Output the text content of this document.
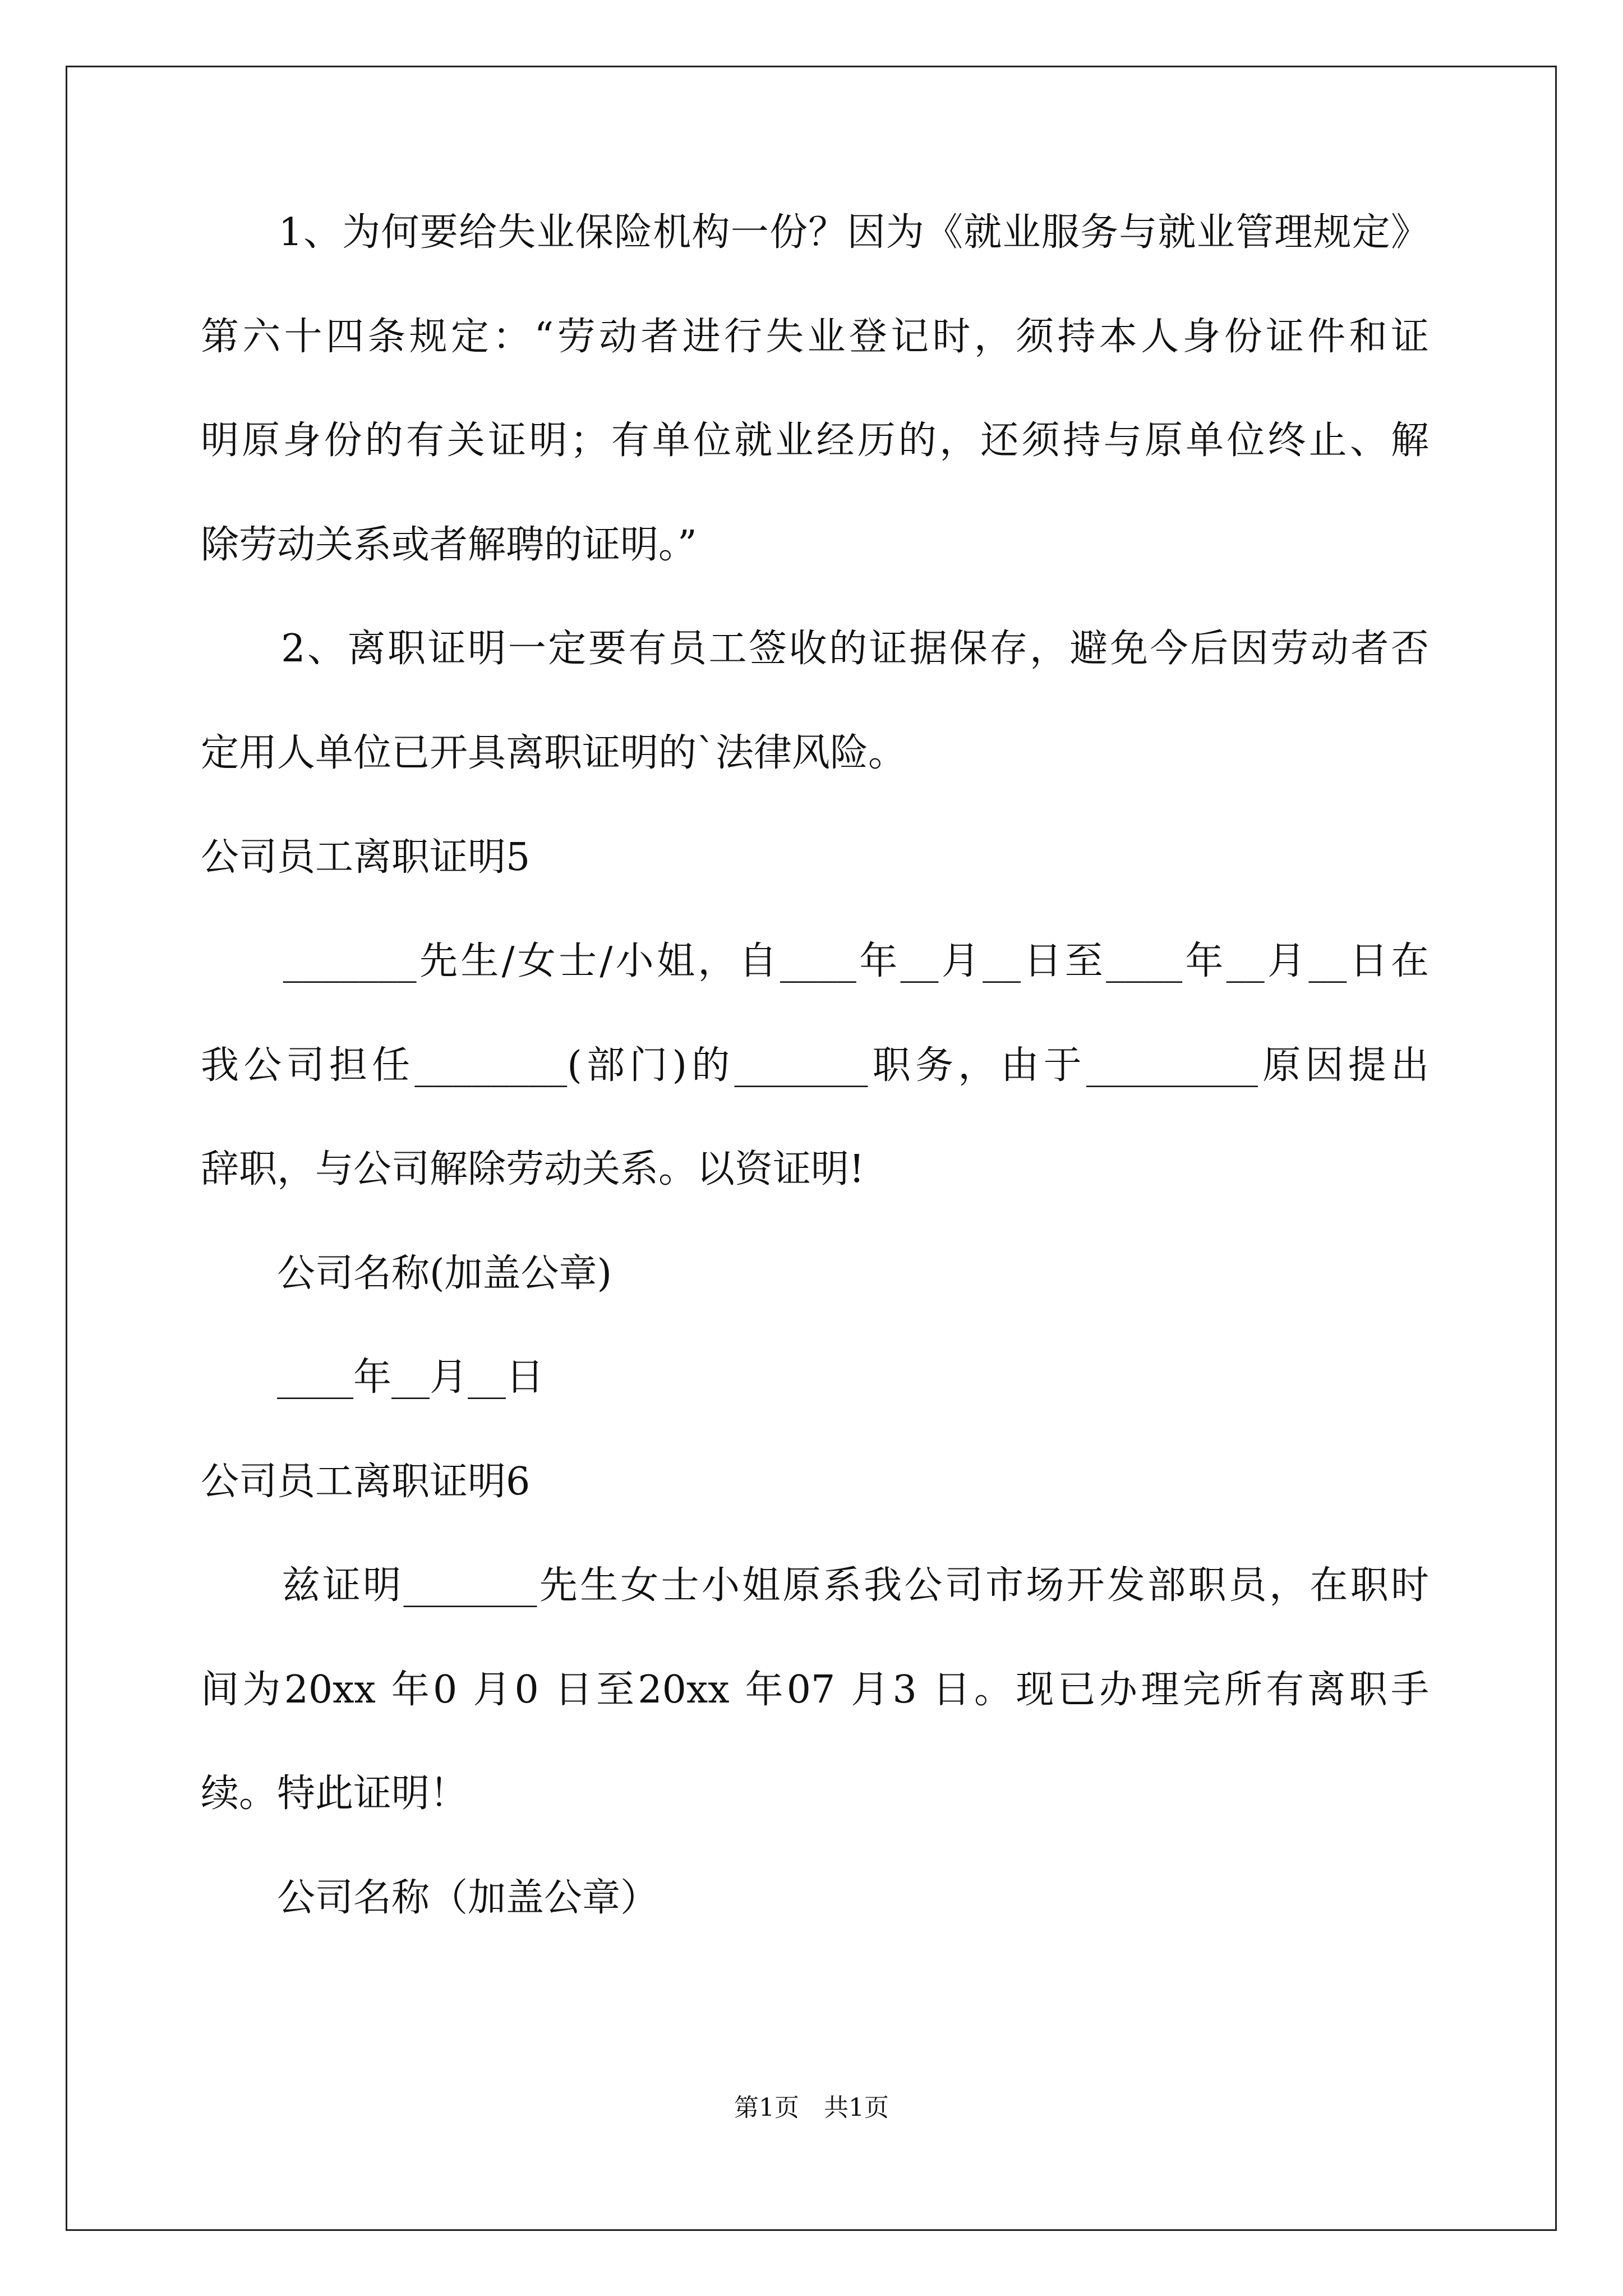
　　1、为何要给失业保险机构一份？因为《就业服务与就业管理规定》
第六十四条规定：“劳动者进行失业登记时，须持本人身份证件和证
明原身份的有关证明；有单位就业经历的，还须持与原单位终止、解
除劳动关系或者解聘的证明。”
　　2、离职证明一定要有员工签收的证据保存，避免今后因劳动者否
定用人单位已开具离职证明的`法律风险。
公司员工离职证明5
　　_______先生/女士/小姐，自____年__月__日至____年__月__日在
我公司担任________(部门)的_______职务，由于_________原因提出
辞职，与公司解除劳动关系。以资证明!
　　公司名称(加盖公章)
　　____年__月__日
公司员工离职证明6
　　兹证明_______先生女士小姐原系我公司市场开发部职员，在职时
间为20xx 年0 月0 日至20xx 年07 月3 日。现已办理完所有离职手
续。特此证明！
　　公司名称（加盖公章）
第1页　共1页
